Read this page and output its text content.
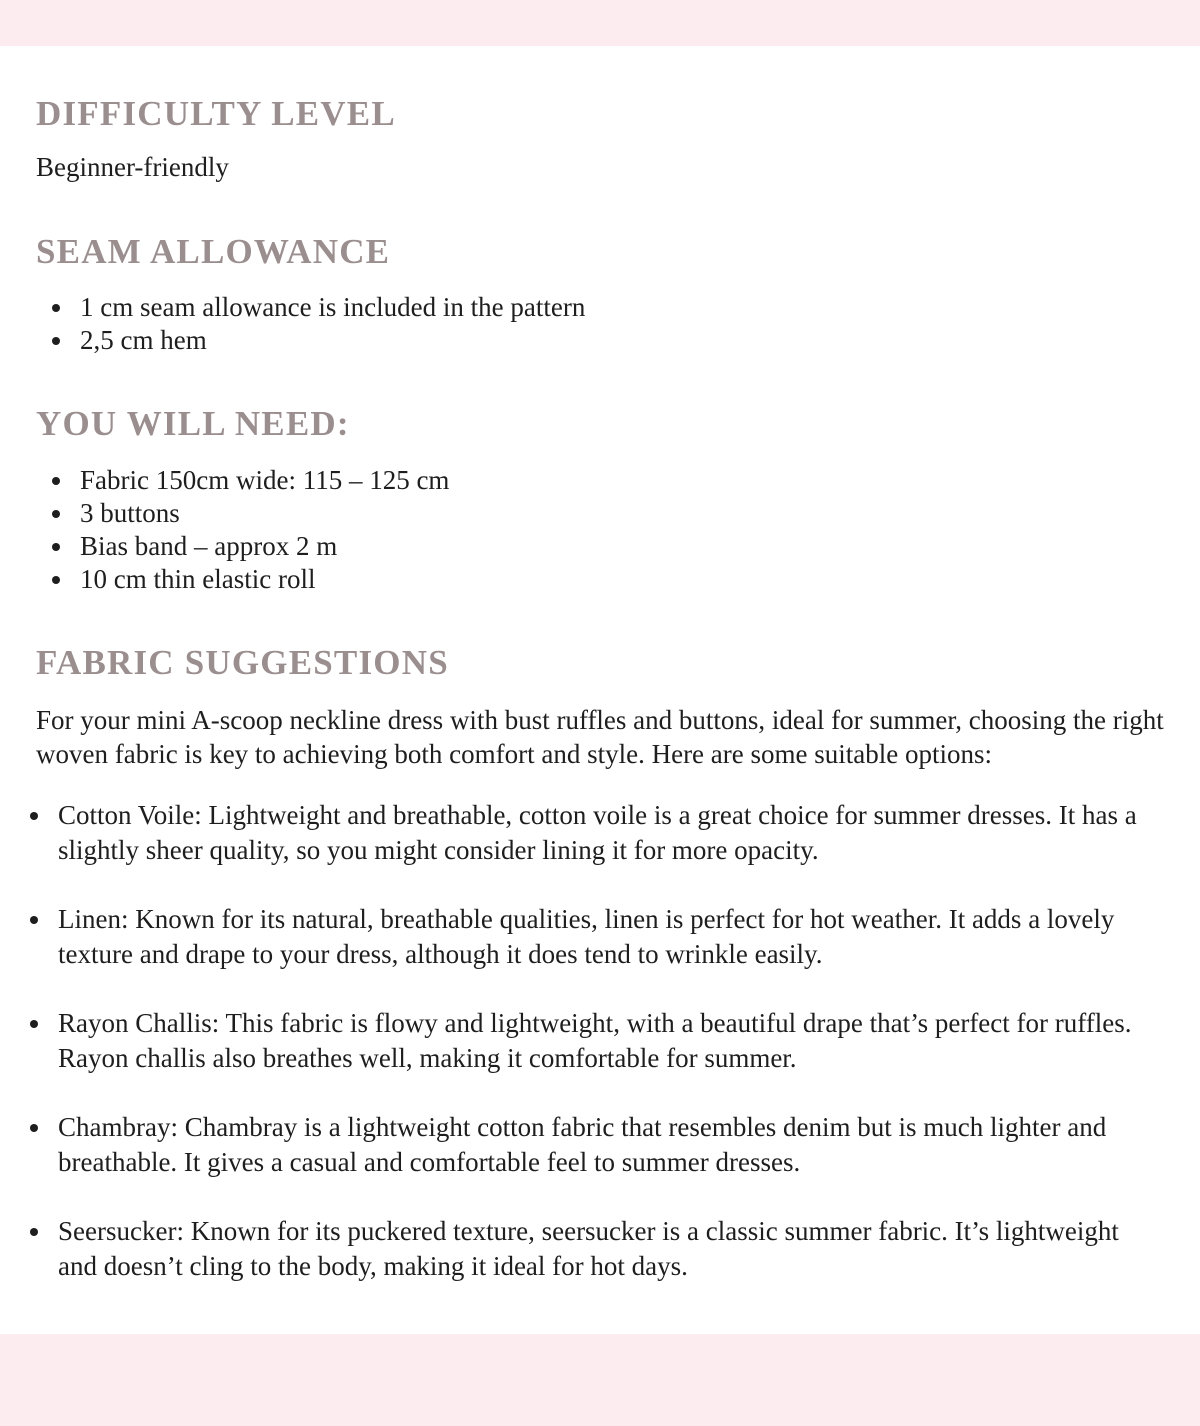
DIFFICULTY LEVEL

Beginner-friendly

SEAM ALLOWANCE
1 cm seam allowance is included in the pattern
2,5 cm hem
YOU WILL NEED:
Fabric 150cm wide: 115 – 125 cm
3 buttons
Bias band – approx 2 m
10 cm thin elastic roll
FABRIC SUGGESTIONS

For your mini A-scoop neckline dress with bust ruffles and buttons, ideal for summer, choosing the right woven fabric is key to achieving both comfort and style. Here are some suitable options:

Cotton Voile: Lightweight and breathable, cotton voile is a great choice for summer dresses. It has a slightly sheer quality, so you might consider lining it for more opacity.
Linen: Known for its natural, breathable qualities, linen is perfect for hot weather. It adds a lovely texture and drape to your dress, although it does tend to wrinkle easily.
Rayon Challis: This fabric is flowy and lightweight, with a beautiful drape that’s perfect for ruffles. Rayon challis also breathes well, making it comfortable for summer.
Chambray: Chambray is a lightweight cotton fabric that resembles denim but is much lighter and breathable. It gives a casual and comfortable feel to summer dresses.
Seersucker: Known for its puckered texture, seersucker is a classic summer fabric. It’s lightweight and doesn’t cling to the body, making it ideal for hot days.
